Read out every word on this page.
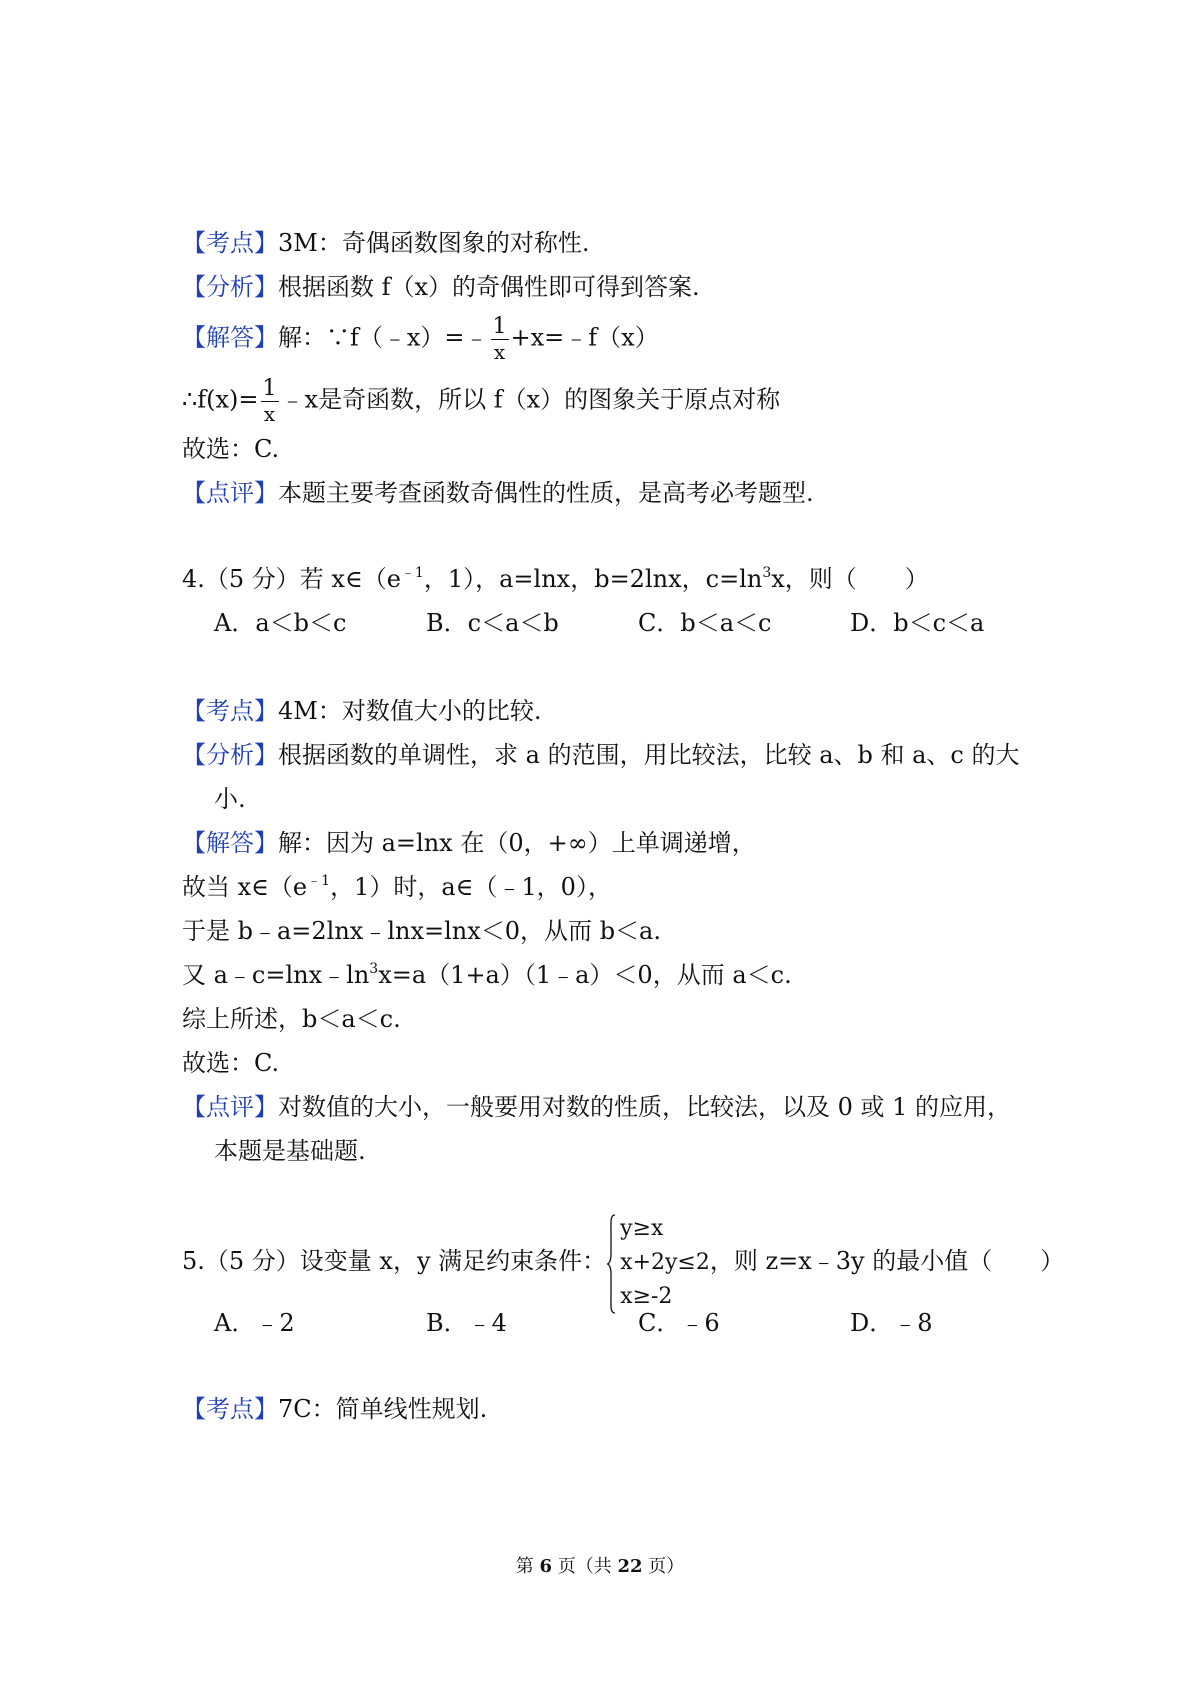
【考点】3M：奇偶函数图象的对称性.
【分析】根据函数 f（x）的奇偶性即可得到答案.
【解答】解：∵f（﹣x）=﹣ $\frac{1}{x}$ +x=﹣f（x）
∴f(x)= $\frac{1}{x}$ ﹣x是奇函数，所以 f（x）的图象关于原点对称
故选：C.
【点评】本题主要考查函数奇偶性的性质，是高考必考题型.
4.（5 分）若 $x\in(e^{﹣1}$，1），a=lnx，b=2lnx，$c=\ln^3x$，则（　　）
A．a＜b＜c	B．c＜a＜b	C．b＜a＜c	D．b＜c＜a
【考点】4M：对数值大小的比较.
【分析】根据函数的单调性，求 a 的范围，用比较法，比较 a、b 和 a、c 的大
小.
【解答】解：因为 a=lnx 在（0，+∞）上单调递增，
故当 $x\in(e^{﹣1}$，1）时，a∈（﹣1，0），
于是 b﹣a=2lnx﹣lnx=lnx＜0，从而 b＜a.
又 $a﹣c=\ln x﹣\ln^3x=a(1+a)(1﹣a)<0$，从而 a＜c.
综上所述，b＜a＜c.
故选：C.
【点评】对数值的大小，一般要用对数的性质，比较法，以及 0 或 1 的应用，
本题是基础题.
5.（5 分）设变量 x，y 满足约束条件：
y≥x
x+2y≤2
x≥-2
，则 z=x﹣3y 的最小值（　　）
A．﹣2	B．﹣4	C．﹣6	D．﹣8
【考点】7C：简单线性规划.
第 6 页（共 22 页）
